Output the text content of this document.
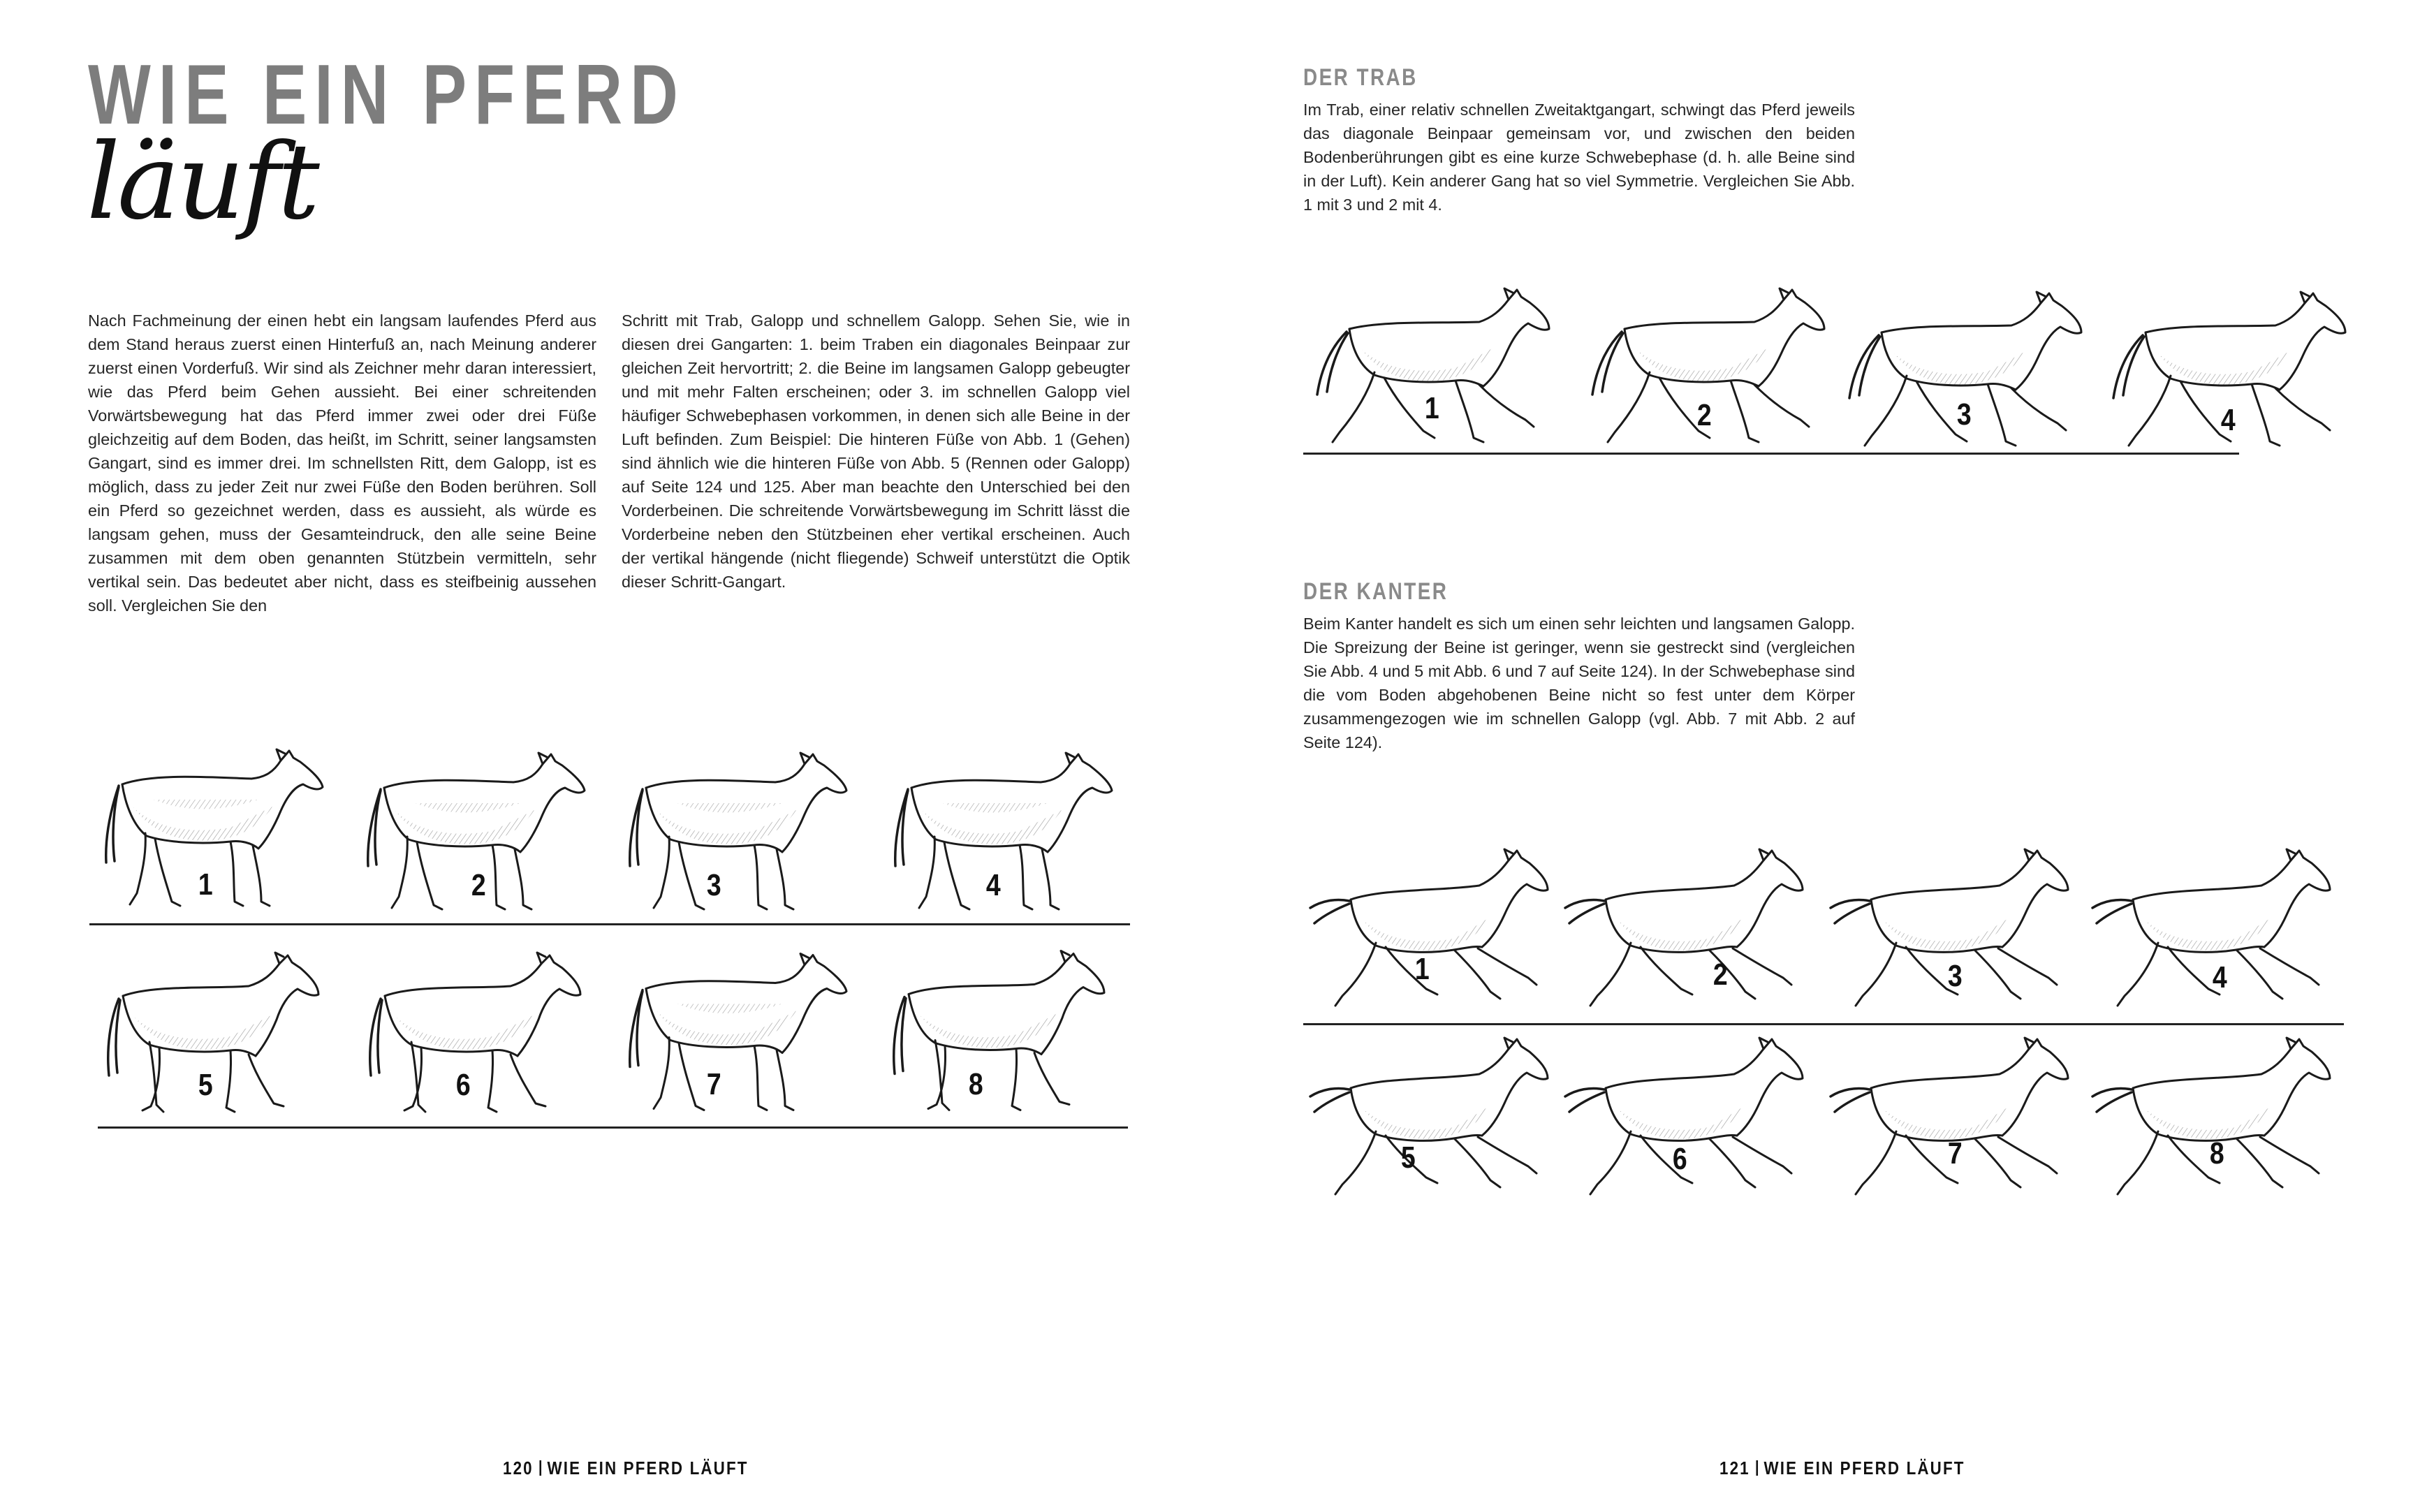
WIE EIN PFERD
läuft

Nach Fachmeinung der einen hebt ein langsam laufendes Pferd aus dem Stand heraus zuerst einen Hinterfuß an, nach Meinung anderer zuerst einen Vorderfuß. Wir sind als Zeichner mehr daran interessiert, wie das Pferd beim Gehen aussieht. Bei einer schreitenden Vorwärtsbewegung hat das Pferd immer zwei oder drei Füße gleichzeitig auf dem Boden, das heißt, im Schritt, seiner langsamsten Gangart, sind es immer drei. Im schnellsten Ritt, dem Galopp, ist es möglich, dass zu jeder Zeit nur zwei Füße den Boden berühren. Soll ein Pferd so gezeichnet werden, dass es aussieht, als würde es langsam gehen, muss der Gesamteindruck, den alle seine Beine zusammen mit dem oben genannten Stützbein vermitteln, sehr vertikal sein. Das bedeutet aber nicht, dass es steifbeinig aussehen soll. Vergleichen Sie den

Schritt mit Trab, Galopp und schnellem Galopp. Sehen Sie, wie in diesen drei Gangarten: 1. beim Traben ein diagonales Beinpaar zur gleichen Zeit hervortritt; 2. die Beine im langsamen Galopp gebeugter und mit mehr Falten erscheinen; oder 3. im schnellen Galopp viel häufiger Schwebephasen vorkommen, in denen sich alle Beine in der Luft befinden. Zum Beispiel: Die hinteren Füße von Abb. 1 (Gehen) sind ähnlich wie die hinteren Füße von Abb. 5 (Rennen oder Galopp) auf Seite 124 und 125. Aber man beachte den Unterschied bei den Vorderbeinen. Die schreitende Vorwärtsbewegung im Schritt lässt die Vorderbeine neben den Stützbeinen eher vertikal erscheinen. Auch der vertikal hängende (nicht fliegende) Schweif unterstützt die Optik dieser Schritt-Gangart.

1	2	3	4
5	6	7	8
120 WIE EIN PFERD LÄUFT
DER TRAB

Im Trab, einer relativ schnellen Zweitaktgangart, schwingt das Pferd jeweils das diagonale Beinpaar gemeinsam vor, und zwischen den beiden Bodenberührungen gibt es eine kurze Schwebephase (d. h. alle Beine sind in der Luft). Kein anderer Gang hat so viel Symmetrie. Vergleichen Sie Abb. 1 mit 3 und 2 mit 4.

1	2	3	4
DER KANTER

Beim Kanter handelt es sich um einen sehr leichten und langsamen Galopp. Die Spreizung der Beine ist geringer, wenn sie gestreckt sind (vergleichen Sie Abb. 4 und 5 mit Abb. 6 und 7 auf Seite 124). In der Schwebephase sind die vom Boden abgehobenen Beine nicht so fest unter dem Körper zusammengezogen wie im schnellen Galopp (vgl. Abb. 7 mit Abb. 2 auf Seite 124).

1	2	3	4
5	6	7	8
121 WIE EIN PFERD LÄUFT
